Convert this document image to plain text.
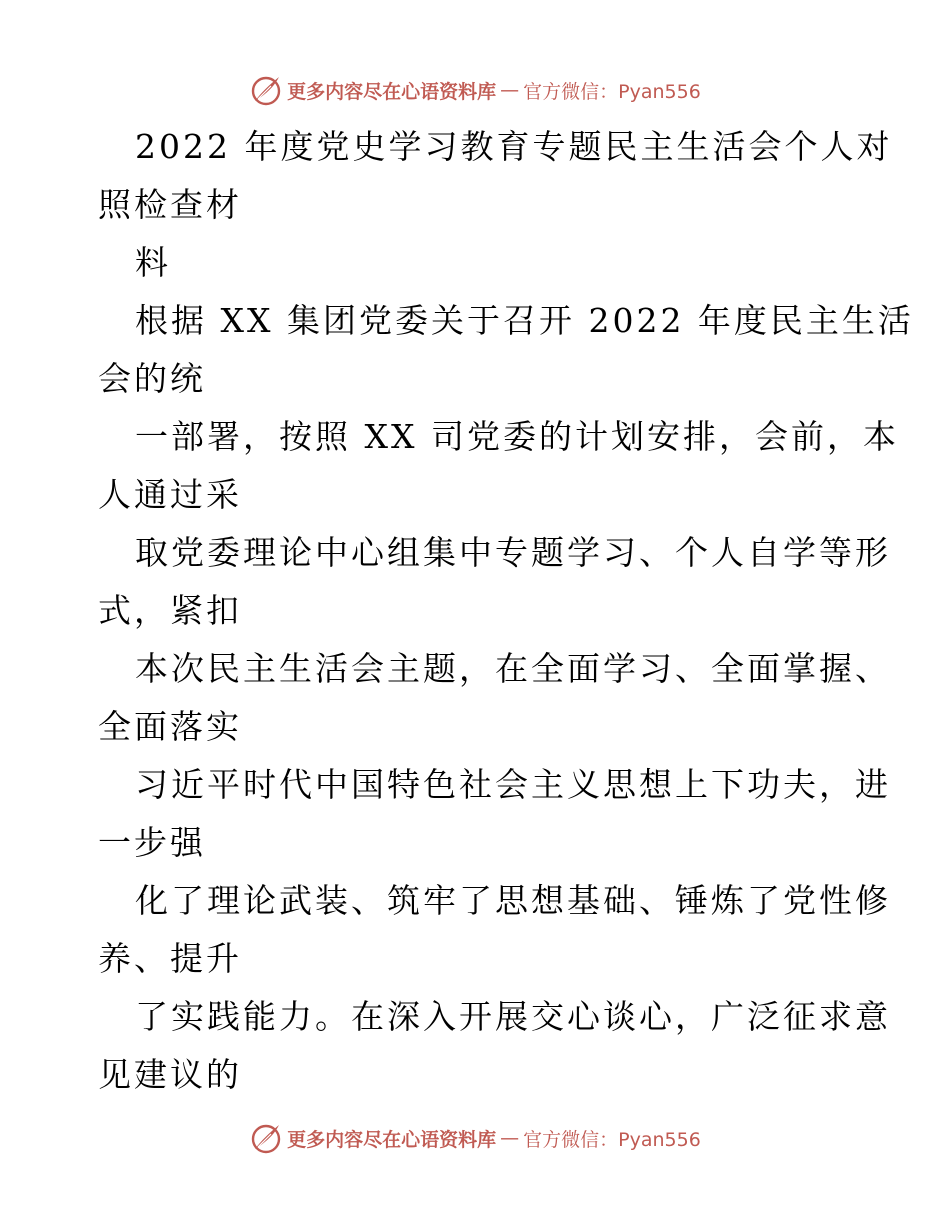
更多内容尽在心语资料库 — 官方微信：Pyan556
2022 年度党史学习教育专题民主生活会个人对
照检查材
料
根据 XX 集团党委关于召开 2022 年度民主生活
会的统
一部署，按照 XX 司党委的计划安排，会前，本
人通过采
取党委理论中心组集中专题学习、个人自学等形
式，紧扣
本次民主生活会主题，在全面学习、全面掌握、
全面落实
习近平时代中国特色社会主义思想上下功夫，进
一步强
化了理论武装、筑牢了思想基础、锤炼了党性修
养、提升
了实践能力。在深入开展交心谈心，广泛征求意
见建议的
更多内容尽在心语资料库 — 官方微信：Pyan556
